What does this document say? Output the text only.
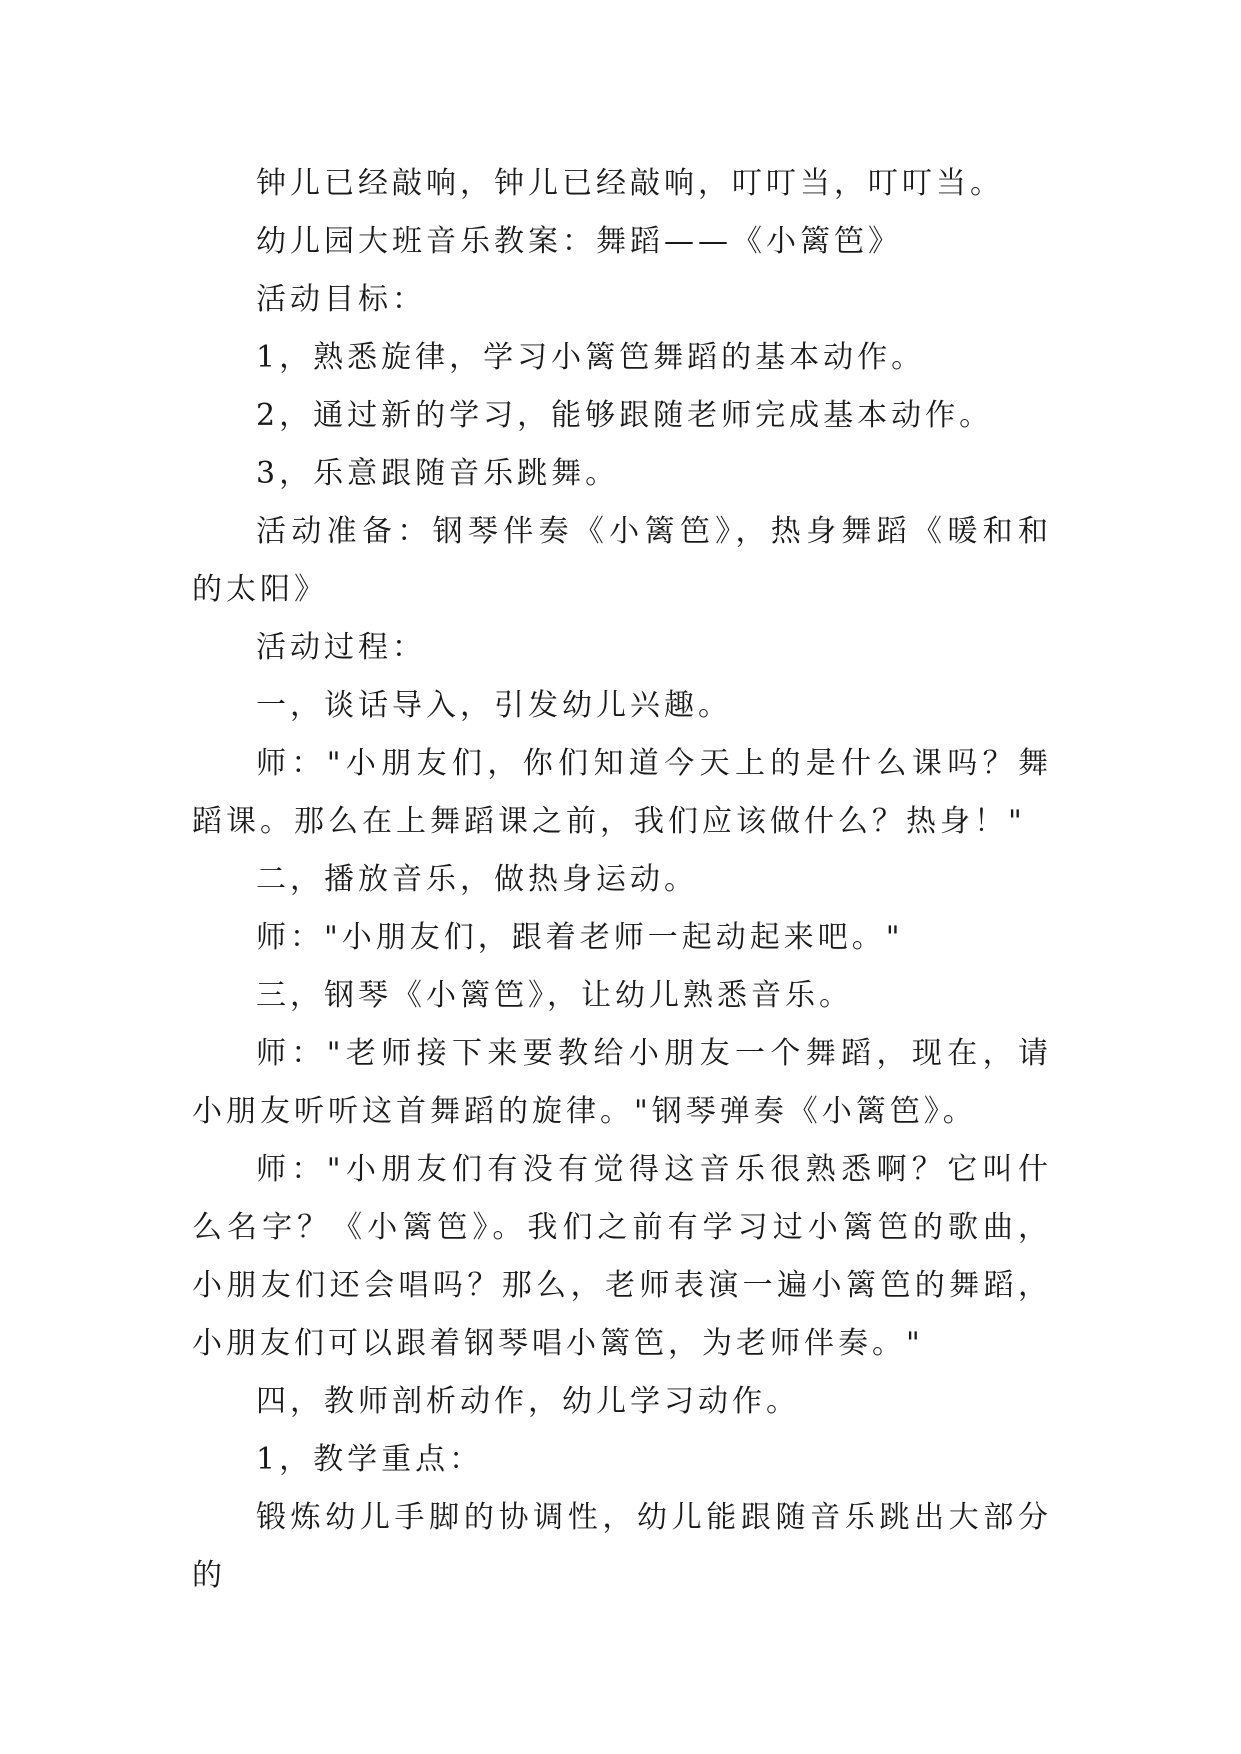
钟儿已经敲响，钟儿已经敲响，叮叮当，叮叮当。

幼儿园大班音乐教案：舞蹈——《小篱笆》

活动目标：

1，熟悉旋律，学习小篱笆舞蹈的基本动作。

2，通过新的学习，能够跟随老师完成基本动作。

3，乐意跟随音乐跳舞。

活动准备：钢琴伴奏《小篱笆》，热身舞蹈《暖和和的太阳》

活动过程：

一，谈话导入，引发幼儿兴趣。

师："小朋友们，你们知道今天上的是什么课吗？舞蹈课。那么在上舞蹈课之前，我们应该做什么？热身！"

二，播放音乐，做热身运动。

师："小朋友们，跟着老师一起动起来吧。"

三，钢琴《小篱笆》，让幼儿熟悉音乐。

师："老师接下来要教给小朋友一个舞蹈，现在，请小朋友听听这首舞蹈的旋律。"钢琴弹奏《小篱笆》。

师："小朋友们有没有觉得这音乐很熟悉啊？它叫什么名字？《小篱笆》。我们之前有学习过小篱笆的歌曲，小朋友们还会唱吗？那么，老师表演一遍小篱笆的舞蹈，小朋友们可以跟着钢琴唱小篱笆，为老师伴奏。"

四，教师剖析动作，幼儿学习动作。

1，教学重点：

锻炼幼儿手脚的协调性，幼儿能跟随音乐跳出大部分的
